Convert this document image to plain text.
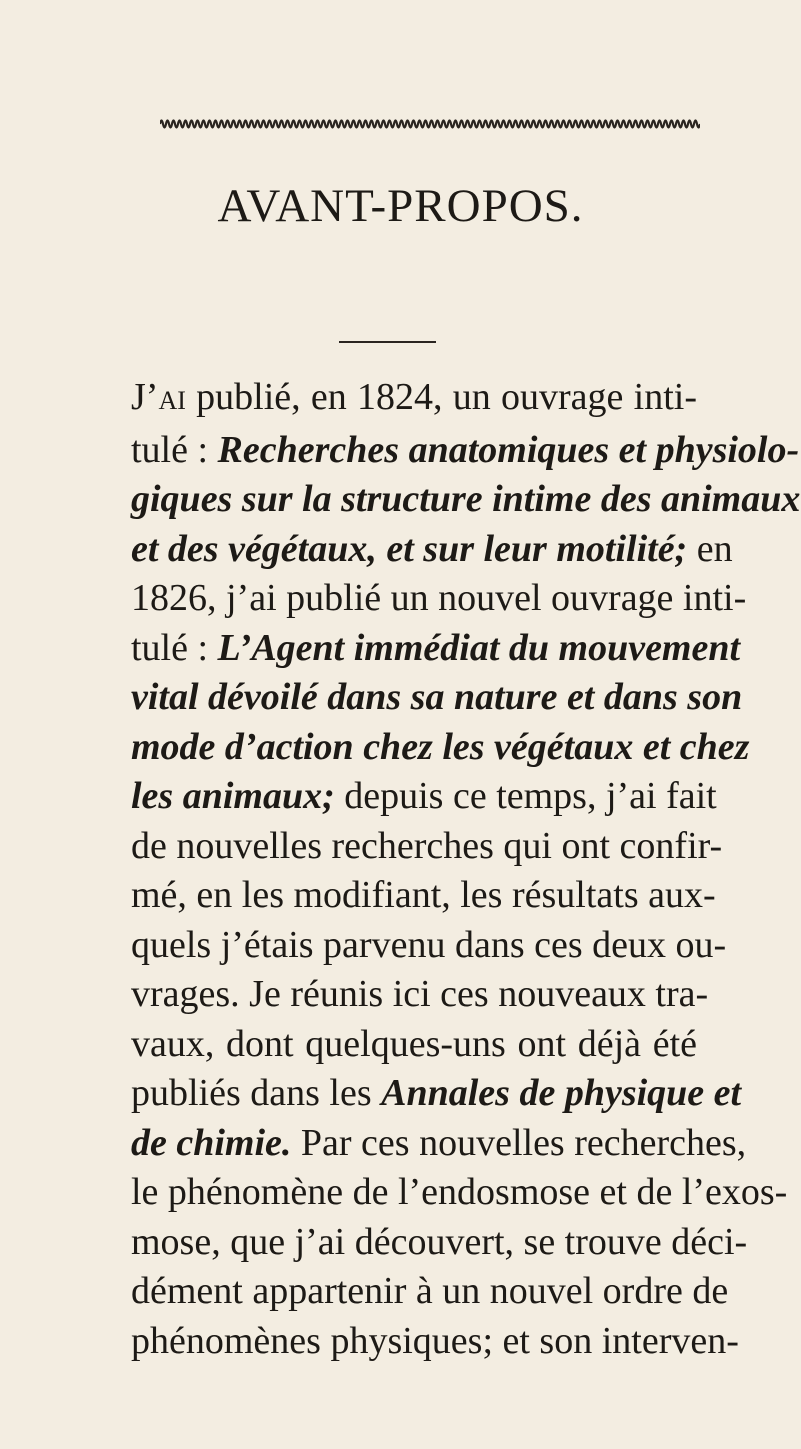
AVANT-PROPOS.
J’AI publié, en 1824, un ouvrage inti-
tulé : Recherches anatomiques et physiolo-
giques sur la structure intime des animaux
et des végétaux, et sur leur motilité; en
1826, j’ai publié un nouvel ouvrage inti-
tulé : L’Agent immédiat du mouvement
vital dévoilé dans sa nature et dans son
mode d’action chez les végétaux et chez
les animaux; depuis ce temps, j’ai fait
de nouvelles recherches qui ont confir-
mé, en les modifiant, les résultats aux-
quels j’étais parvenu dans ces deux ou-
vrages. Je réunis ici ces nouveaux tra-
vaux, dont quelques-uns ont déjà été
publiés dans les Annales de physique et
de chimie. Par ces nouvelles recherches,
le phénomène de l’endosmose et de l’exos-
mose, que j’ai découvert, se trouve déci-
dément appartenir à un nouvel ordre de
phénomènes physiques; et son interven-
